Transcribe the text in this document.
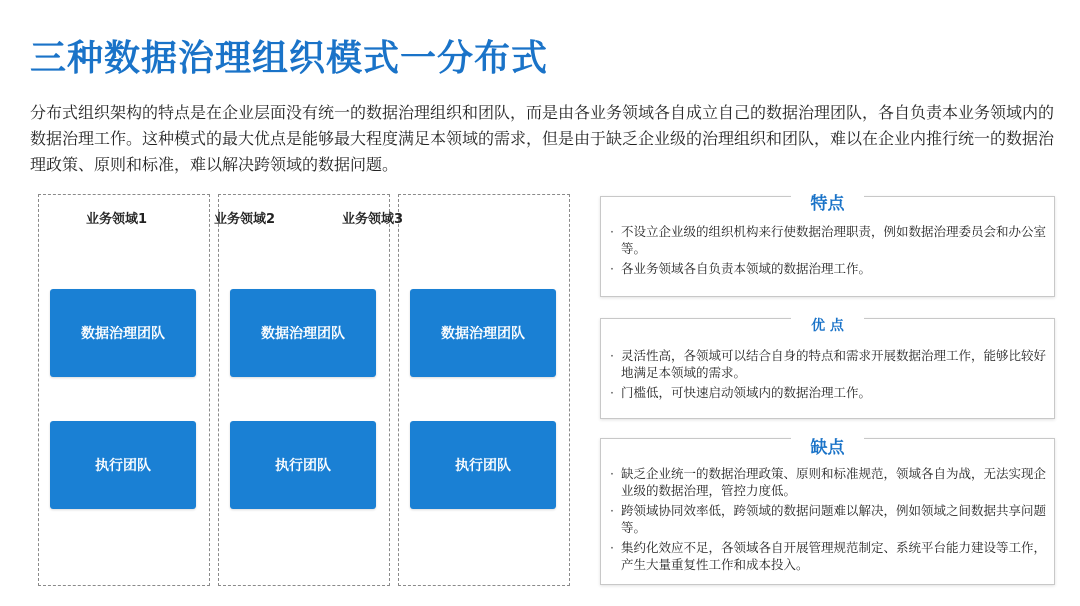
三种数据治理组织模式一分布式
分布式组织架构的特点是在企业层面没有统一的数据治理组织和团队，而是由各业务领域各自成立自己的数据治理团队，各自负责本业务领域内的数据治理工作。这种模式的最大优点是能够最大程度满足本领域的需求，但是由于缺乏企业级的治理组织和团队，难以在企业内推行统一的数据治理政策、原则和标准，难以解决跨领域的数据问题。
业务领域1	业务领域2	业务领域3
数据治理团队	数据治理团队	数据治理团队
执行团队	执行团队	执行团队
特点
· 不设立企业级的组织机构来行使数据治理职责，例如数据治理委员会和办公室等。
· 各业务领域各自负责本领域的数据治理工作。
优 点
· 灵活性高，各领域可以结合自身的特点和需求开展数据治理工作，能够比较好地满足本领域的需求。
· 门槛低，可快速启动领域内的数据治理工作。
缺点
· 缺乏企业统一的数据治理政策、原则和标准规范，领域各自为战，无法实现企业级的数据治理，管控力度低。
· 跨领域协同效率低，跨领域的数据问题难以解决，例如领域之间数据共享问题等。
· 集约化效应不足，各领域各自开展管理规范制定、系统平台能力建设等工作，产生大量重复性工作和成本投入。
